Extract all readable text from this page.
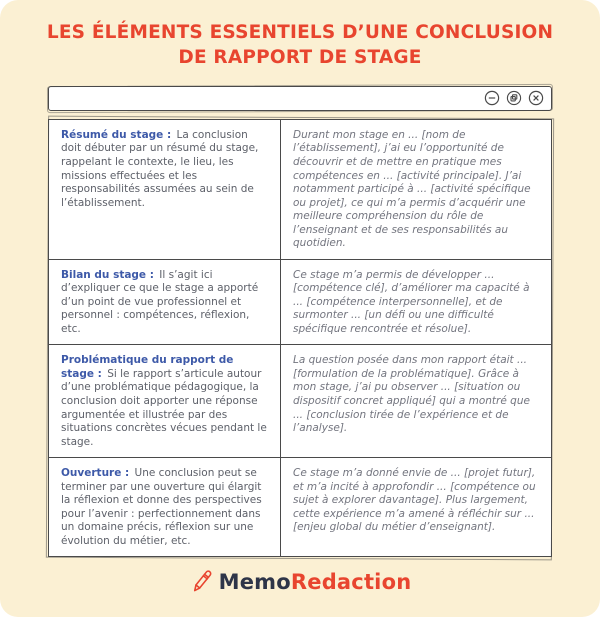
LES ÉLÉMENTS ESSENTIELS D’UNE CONCLUSION DE RAPPORT DE STAGE
Résumé du stage : La conclusion doit débuter par un résumé du stage, rappelant le contexte, le lieu, les missions effectuées et les responsabilités assumées au sein de l’établissement.
Durant mon stage en ... [nom de l’établissement], j’ai eu l’opportunité de découvrir et de mettre en pratique mes compétences en ... [activité principale]. J’ai notamment participé à ... [activité spécifique ou projet], ce qui m’a permis d’acquérir une meilleure compréhension du rôle de l’enseignant et de ses responsabilités au quotidien.
Bilan du stage : Il s’agit ici d’expliquer ce que le stage a apporté d’un point de vue professionnel et personnel : compétences, réflexion, etc.
Ce stage m’a permis de développer ... [compétence clé], d’améliorer ma capacité à ... [compétence interpersonnelle], et de surmonter ... [un défi ou une difficulté spécifique rencontrée et résolue].
Problématique du rapport de stage : Si le rapport s’articule autour d’une problématique pédagogique, la conclusion doit apporter une réponse argumentée et illustrée par des situations concrètes vécues pendant le stage.
La question posée dans mon rapport était ... [formulation de la problématique]. Grâce à mon stage, j’ai pu observer ... [situation ou dispositif concret appliqué] qui a montré que ... [conclusion tirée de l’expérience et de l’analyse].
Ouverture : Une conclusion peut se terminer par une ouverture qui élargit la réflexion et donne des perspectives pour l’avenir : perfectionnement dans un domaine précis, réflexion sur une évolution du métier, etc.
Ce stage m’a donné envie de ... [projet futur], et m’a incité à approfondir ... [compétence ou sujet à explorer davantage]. Plus largement, cette expérience m’a amené à réfléchir sur ... [enjeu global du métier d’enseignant].
MemoRedaction
